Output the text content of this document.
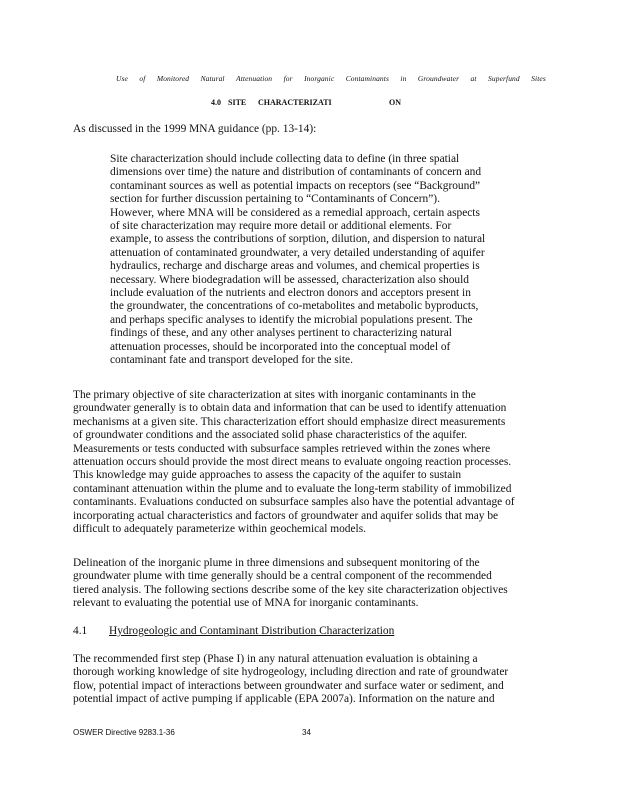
Use of Monitored Natural Attenuation for Inorganic Contaminants in Groundwater at Superfund Sites
4.0 SITE CHARACTERIZATI	ON
As discussed in the 1999 MNA guidance (pp. 13-14):
Site characterization should include collecting data to define (in three spatial
dimensions over time) the nature and distribution of contaminants of concern and
contaminant sources as well as potential impacts on receptors (see “Background”
section for further discussion pertaining to “Contaminants of Concern”).
However, where MNA will be considered as a remedial approach, certain aspects
of site characterization may require more detail or additional elements. For
example, to assess the contributions of sorption, dilution, and dispersion to natural
attenuation of contaminated groundwater, a very detailed understanding of aquifer
hydraulics, recharge and discharge areas and volumes, and chemical properties is
necessary. Where biodegradation will be assessed, characterization also should
include evaluation of the nutrients and electron donors and acceptors present in
the groundwater, the concentrations of co-metabolites and metabolic byproducts,
and perhaps specific analyses to identify the microbial populations present. The
findings of these, and any other analyses pertinent to characterizing natural
attenuation processes, should be incorporated into the conceptual model of
contaminant fate and transport developed for the site.
The primary objective of site characterization at sites with inorganic contaminants in the
groundwater generally is to obtain data and information that can be used to identify attenuation
mechanisms at a given site. This characterization effort should emphasize direct measurements
of groundwater conditions and the associated solid phase characteristics of the aquifer.
Measurements or tests conducted with subsurface samples retrieved within the zones where
attenuation occurs should provide the most direct means to evaluate ongoing reaction processes.
This knowledge may guide approaches to assess the capacity of the aquifer to sustain
contaminant attenuation within the plume and to evaluate the long-term stability of immobilized
contaminants. Evaluations conducted on subsurface samples also have the potential advantage of
incorporating actual characteristics and factors of groundwater and aquifer solids that may be
difficult to adequately parameterize within geochemical models.
Delineation of the inorganic plume in three dimensions and subsequent monitoring of the
groundwater plume with time generally should be a central component of the recommended
tiered analysis. The following sections describe some of the key site characterization objectives
relevant to evaluating the potential use of MNA for inorganic contaminants.
4.1 Hydrogeologic and Contaminant Distribution Characterization
The recommended first step (Phase I) in any natural attenuation evaluation is obtaining a
thorough working knowledge of site hydrogeology, including direction and rate of groundwater
flow, potential impact of interactions between groundwater and surface water or sediment, and
potential impact of active pumping if applicable (EPA 2007a). Information on the nature and
OSWER Directive 9283.1-36	34
